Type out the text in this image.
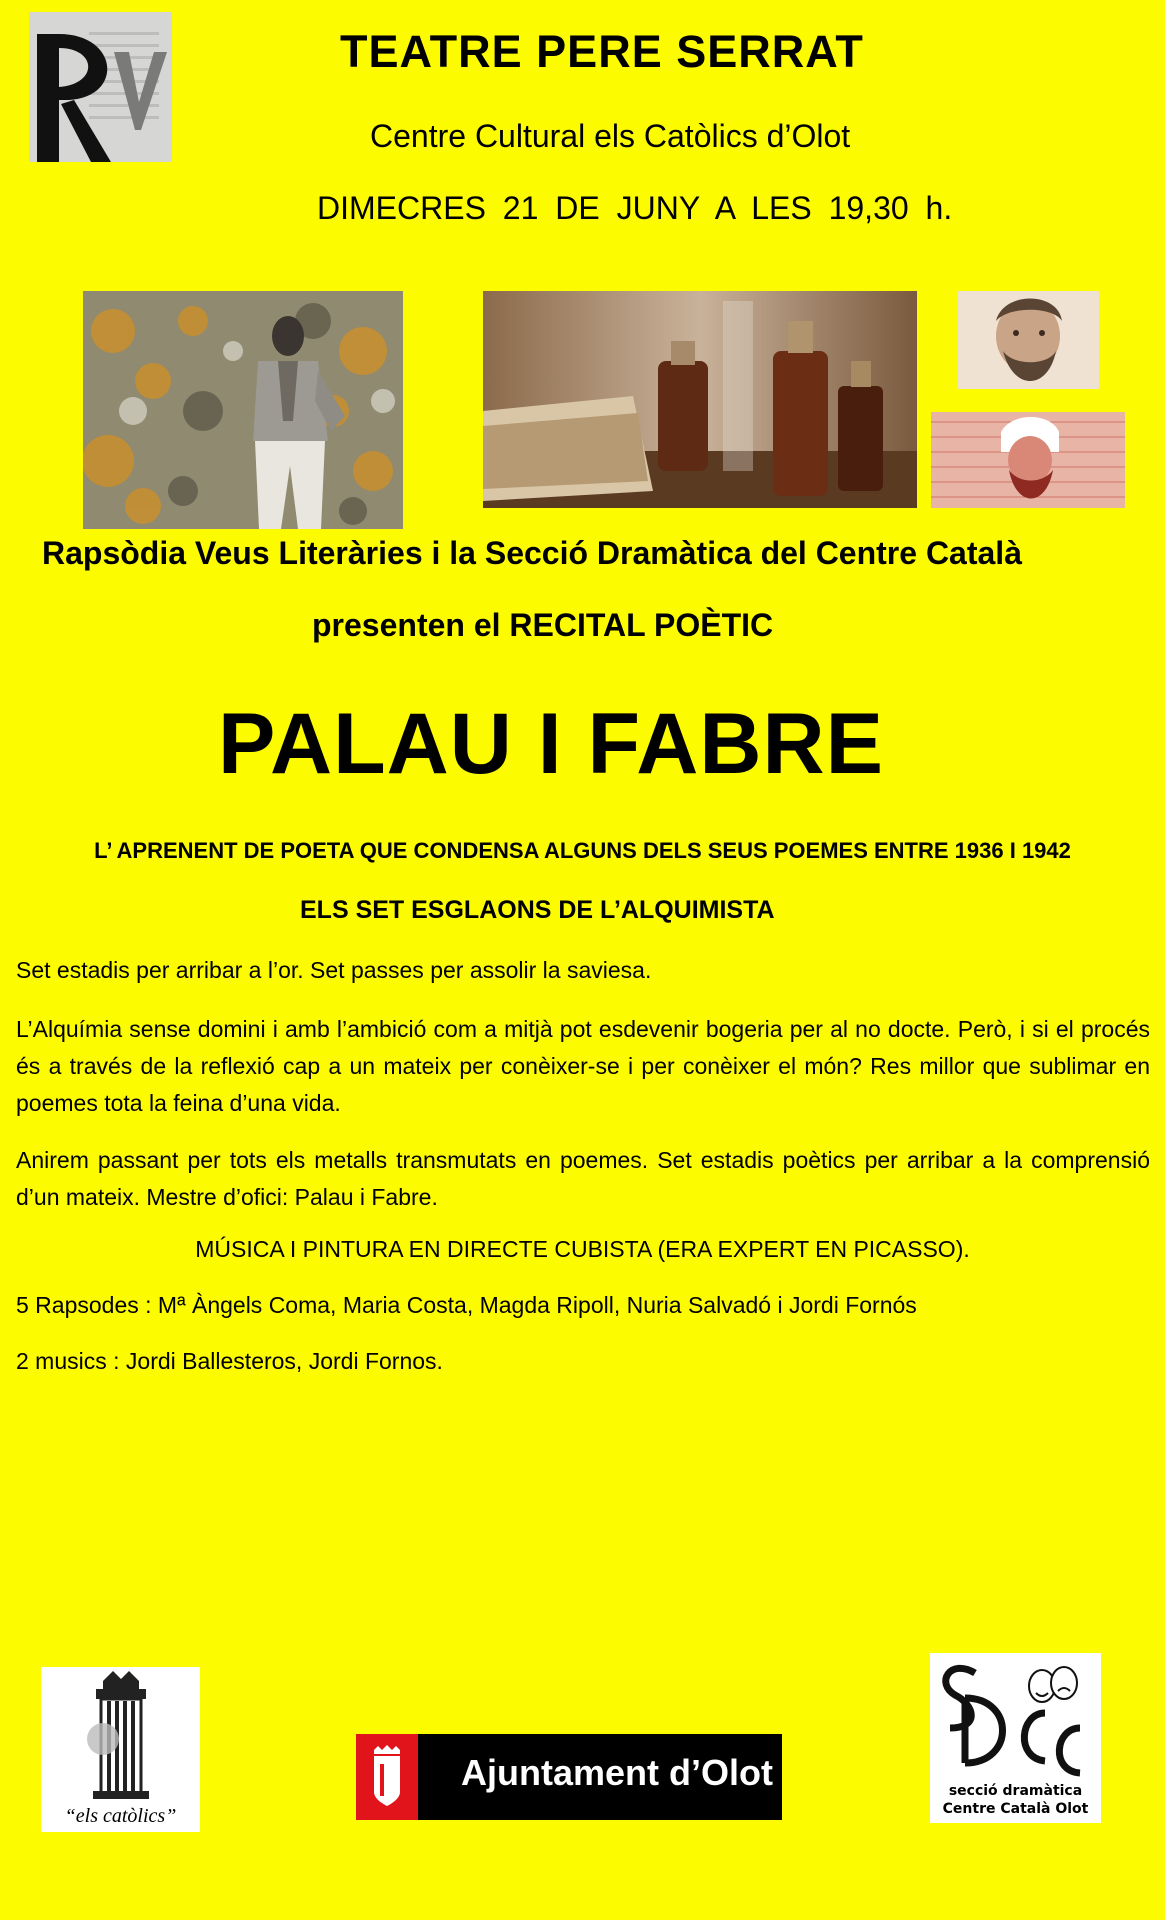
TEATRE PERE SERRAT
Centre Cultural els Catòlics d’Olot
DIMECRES 21 DE JUNY A LES 19,30 h.
Rapsòdia Veus Literàries i la Secció Dramàtica del Centre Català
presenten el RECITAL POÈTIC
PALAU I FABRE
L’ APRENENT DE POETA QUE CONDENSA ALGUNS DELS SEUS POEMES ENTRE 1936 I 1942
ELS SET ESGLAONS DE L’ALQUIMISTA
Set estadis per arribar a l’or. Set passes per assolir la saviesa.
L’Alquímia sense domini i amb l’ambició com a mitjà pot esdevenir bogeria per al no docte. Però, i si el procés és a través de la reflexió cap a un mateix per conèixer-se i per conèixer el món? Res millor que sublimar en poemes tota la feina d’una vida.
Anirem passant per tots els metalls transmutats en poemes. Set estadis poètics per arribar a la comprensió d’un mateix. Mestre d’ofici: Palau i Fabre.
MÚSICA I PINTURA EN DIRECTE CUBISTA (ERA EXPERT EN PICASSO).
5 Rapsodes : Mª Àngels Coma, Maria Costa, Magda Ripoll, Nuria Salvadó i Jordi Fornós
2 musics : Jordi Ballesteros, Jordi Fornos.
“els catòlics”
Ajuntament d’Olot	secció dramàtica
Centre Català Olot
